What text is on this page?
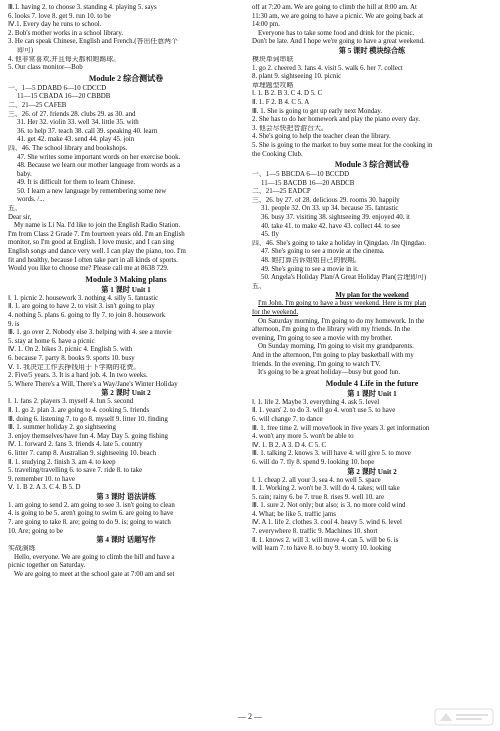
Ⅲ.1. having 2. to choose 3. standing 4. playing 5. says
6. looks 7. love 8. get 9. run 10. to be
Ⅳ.1. Every day he runs to school.
2. Bob's mother works in a school library.
3. He can speak Chinese, English and French.(答出任意两个
即可)
4. 他非常喜欢,并且每天都和她踢球。
5. Our class monitor—Bob
Module 2 综合测试卷
一、1—5 DDABD 6—10 CDCCD
11—15 CBADA 16—20 CBBDB
二、21—25 CAFEB
三、26. of 27. friends 28. clubs 29. as 30. and
31. Her 32. violin 33. well 34. little 35. with
36. to help 37. teach 38. call 39. speaking 40. learn
41. get 42. make 43. send 44. play 45. join
四、46. The school library and bookshops.
47. She writes some important words on her exercise book.
48. Because we learn our mother language from words as a
baby.
49. It is difficult for them to learn Chinese.
50. I learn a new language by remembering some new
words. /...
五、
Dear sir,
My name is Li Na. I'd like to join the English Radio Station.
I'm from Class 2 Grade 7. I'm fourteen years old. I'm an English
monitor, so I'm good at English. I love music, and I can sing
English songs and dance very well. I can play the piano, too. I'm
fit and healthy, because I often take part in all kinds of sports.
Would you like to choose me? Please call me at 8638 729.
Module 3 Making plans
第 1 课时 Unit 1
Ⅰ. 1. picnic 2. housework 3. nothing 4. silly 5. fantastic
Ⅱ. 1. are going to have 2. to visit 3. isn't going to play
4. nothing 5. plans 6. going to fly 7. to join 8. housework
9. is
Ⅲ. 1. go over 2. Nobody else 3. helping with 4. see a movie
5. stay at home 6. have a picnic
Ⅳ. 1. On 2. bikes 3. picnic 4. English 5. with
6. because 7. party 8. books 9. sports 10. busy
Ⅴ. 1. 我决定工作去挣钱用于下学期的花费。
2. Five/5 years. 3. It is a hard job. 4. In two weeks.
5. Where There's a Will, There's a Way/Jane's Winter Holiday
第 2 课时 Unit 2
Ⅰ. 1. fans 2. players 3. myself 4. fun 5. second
Ⅱ. 1. go 2. plan 3. are going to 4. cooking 5. friends
Ⅲ. doing 6. listening 7. to go 8. myself 9. litter 10. finding
Ⅲ. 1. summer holiday 2. go sightseeing
3. enjoy themselves/have fun 4. May Day 5. going fishing
Ⅳ. 1. forward 2. fans 3. friends 4. late 5. country
6. litter 7. camp 8. Australian 9. sightseeing 10. beach
Ⅱ. 1. studying 2. finish 3. am 4. to keep
5. traveling/travelling 6. to save 7. ride 8. to take
9. remember 10. to have
Ⅴ. 1. B 2. A 3. C 4. B 5. D
第 3 课时 语法讲练
1. am going to send 2. am going to see 3. isn't going to clean
4. is going to be 5. aren't going to swim 6. are going to have
7. are going to take 8. are; going to do 9. is; going to watch
10. Are; going to be
第 4 课时 话题写作
实战演练
Hello, everyone. We are going to climb the hill and have a
picnic together on Saturday.
We are going to meet at the school gate at 7:00 am and set
off at 7:20 am. We are going to climb the hill at 8:00 am. At
11:30 am, we are going to have a picnic. We are going back at
14:00 pm.
Everyone has to take some food and drink for the picnic.
Don't be late. And I hope we're going to have a great weekend.
第 5 课时 模块综合练
模块单词串联
1. go 2. cheered 3. fans 4. visit 5. walk 6. her 7. collect
8. plant 9. sightseeing 10. picnic
章理题型攻略
Ⅰ. 1. B 2. B 3. C 4. D 5. C
Ⅱ. 1. F 2. B 4. C 5. A
Ⅲ. 1. She is going to get up early next Monday.
2. She has to do her homework and play the piano every day.
3. 他会尽快把音游台大。
4. She's going to help the teacher clean the library.
5. She is going to the market to buy some meat for the cooking in
the Cooking Club.
Module 3 综合测试卷
一、1—5 BBCDA 6—10 BCCDD
11—15 BACDB 16—20 ABDCB
二、21—25 EADCP
三、26. by 27. of 28. delicious 29. rooms 30. happily
31. people 32. On 33. up 34. because 35. fantastic
36. busy 37. visiting 38. sightseeing 39. enjoyed 40. it
40. take 41. to make 42. have 43. collect 44. to see
45. fly
四、46. She's going to take a holiday in Qingdao. /In Qingdao.
47. She's going to see a movie at the cinema.
48. 她打算告诉姐姐自己的假期。
49. She's going to see a movie in it.
50. Angela's Holiday Plan/A Great Holiday Plan(合理即可)
五、
My plan for the weekend
I'm John. I'm going to have a busy weekend. Here is my plan
for the weekend.
On Saturday morning, I'm going to do my homework. In the
afternoon, I'm going to the library with my friends. In the
evening, I'm going to see a movie with my brother.
On Sunday morning, I'm going to visit my grandparents.
And in the afternoon, I'm going to play basketball with my
friends. In the evening, I'm going to watch TV.
It's going to be a great holiday—busy but good fun.
Module 4 Life in the future
第 1 课时 Unit 1
Ⅰ. 1. life 2. Maybe 3. everything 4. ask 5. level
Ⅱ. 1. years' 2. to do 3. will go 4. won't use 5. to have
6. will change 7. to dance
Ⅲ. 1. free time 2. will move/look in five years 3. get information
4. won't any more 5. won't be able to
Ⅳ. 1. B 2. A 3. D 4. C 5. C
Ⅲ. 1. talking 2. knows 3. will have 4. will give 5. to move
6. will do 7. fly 8. spend 9. looking 10. hope
第 2 课时 Unit 2
Ⅰ. 1. cheap 2. all your 3. sea 4. no well 5. space
Ⅱ. 1. Working 2. won't be 3. will do 4. takes; will take
5. rain; rainy 6. be 7. true 8. rises 9. well 10. are
Ⅲ. 1. sure 2. Not only; but also; is 3. no more cold wind
4. What; be like 5. traffic jams
Ⅳ. A 1. life 2. clothes 3. cool 4. heavy 5. wind 6. level
7. everywhere 8. traffic 9. Machines 10. short
Ⅱ. 1. knows 2. will 3. will move 4. can 5. will be 6. is
will learn 7. to have 8. to buy 9. worry 10. looking
— 2 —
